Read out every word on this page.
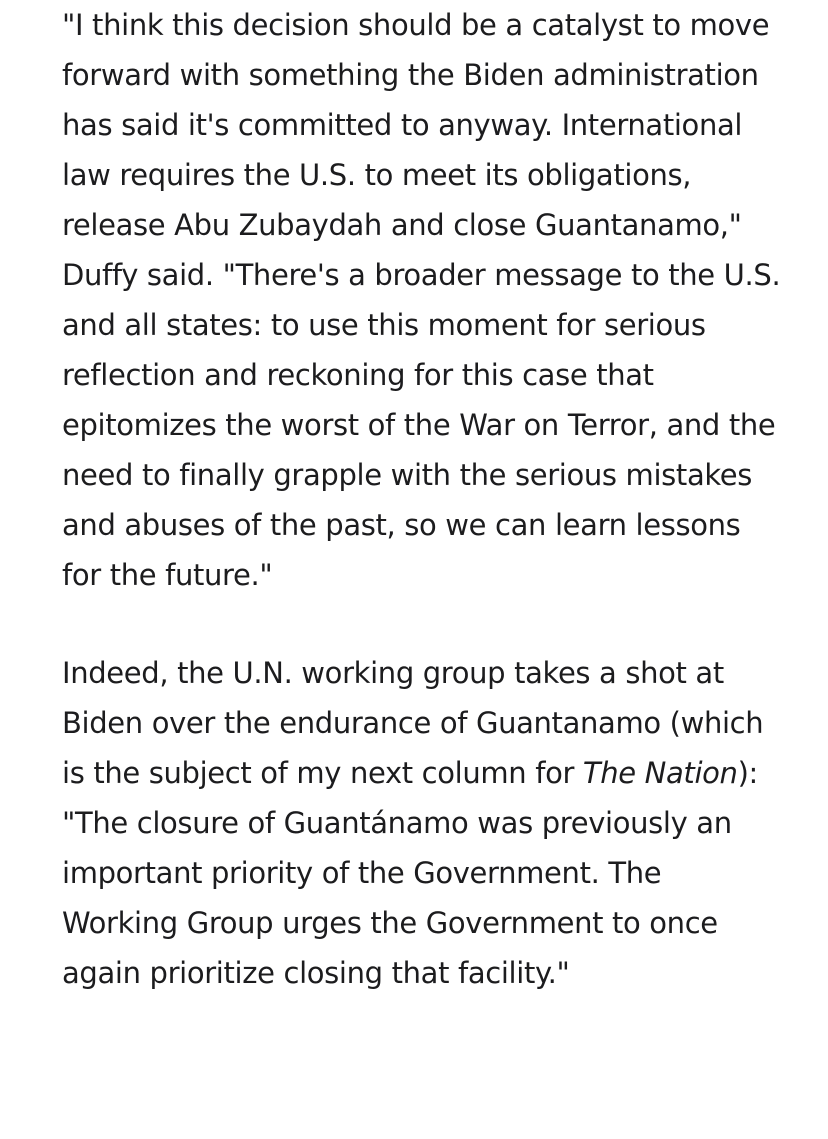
"I think this decision should be a catalyst to move forward with something the Biden administration has said it's committed to anyway. International law requires the U.S. to meet its obligations, release Abu Zubaydah and close Guantanamo," Duffy said. "There's a broader message to the U.S. and all states: to use this moment for serious reflection and reckoning for this case that epitomizes the worst of the War on Terror, and the need to finally grapple with the serious mistakes and abuses of the past, so we can learn lessons for the future."

Indeed, the U.N. working group takes a shot at Biden over the endurance of Guantanamo (which is the subject of my next column for The Nation): "The closure of Guantánamo was previously an important priority of the Government. The Working Group urges the Government to once again prioritize closing that facility."
